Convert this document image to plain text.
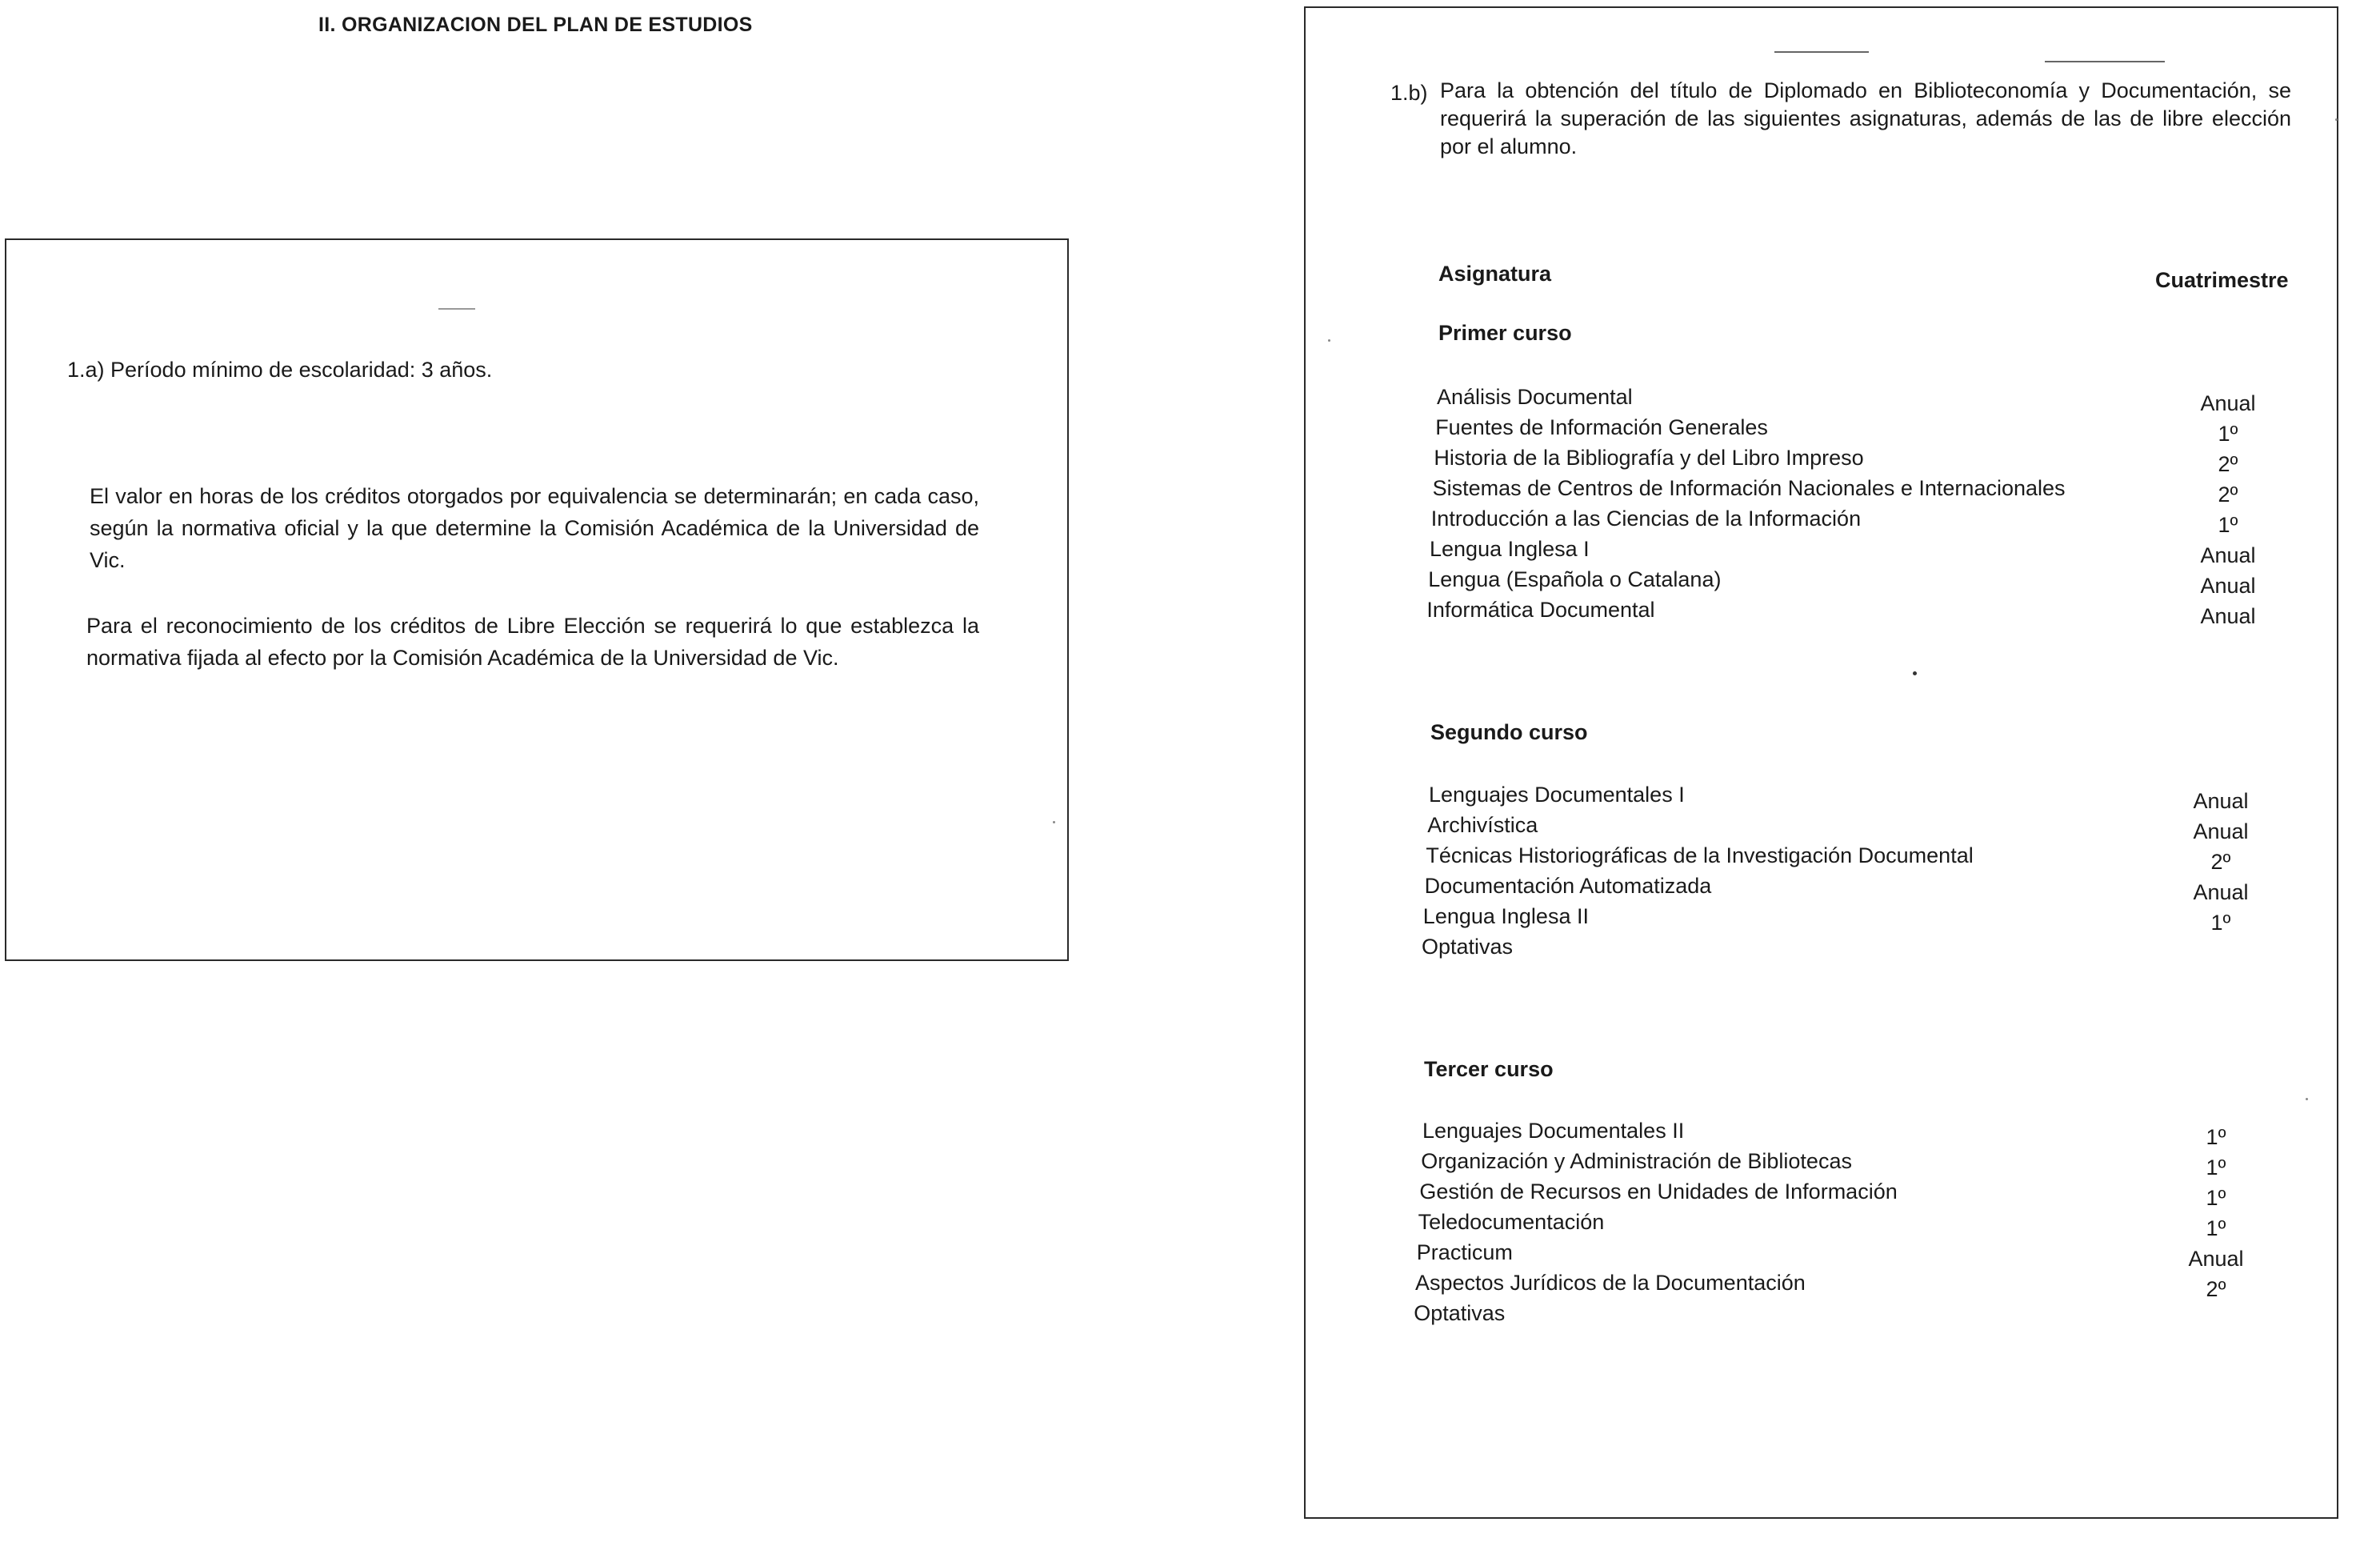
II. ORGANIZACION DEL PLAN DE ESTUDIOS
1.a) Período mínimo de escolaridad: 3 años.
El valor en horas de los créditos otorgados por equivalencia se determinarán; en cada caso, según la normativa oficial y la que determine la Comisión Académica de la Universidad de Vic.
Para el reconocimiento de los créditos de Libre Elección se requerirá lo que establezca la normativa fijada al efecto por la Comisión Académica de la Universidad de Vic.
1.b) Para la obtención del título de Diplomado en Biblioteconomía y Documentación, se requerirá la superación de las siguientes asignaturas, además de las de libre elección por el alumno.
Asignatura	Cuatrimestre
Primer curso
Análisis Documental	Anual
Fuentes de Información Generales	1º
Historia de la Bibliografía y del Libro Impreso	2º
Sistemas de Centros de Información Nacionales e Internacionales	2º
Introducción a las Ciencias de la Información	1º
Lengua Inglesa I	Anual
Lengua (Española o Catalana)	Anual
Informática Documental	Anual
Segundo curso
Lenguajes Documentales I	Anual
Archivística	Anual
Técnicas Historiográficas de la Investigación Documental	2º
Documentación Automatizada	Anual
Lengua Inglesa II	1º
Optativas
Tercer curso
Lenguajes Documentales II	1º
Organización y Administración de Bibliotecas	1º
Gestión de Recursos en Unidades de Información	1º
Teledocumentación	1º
Practicum	Anual
Aspectos Jurídicos de la Documentación	2º
Optativas
